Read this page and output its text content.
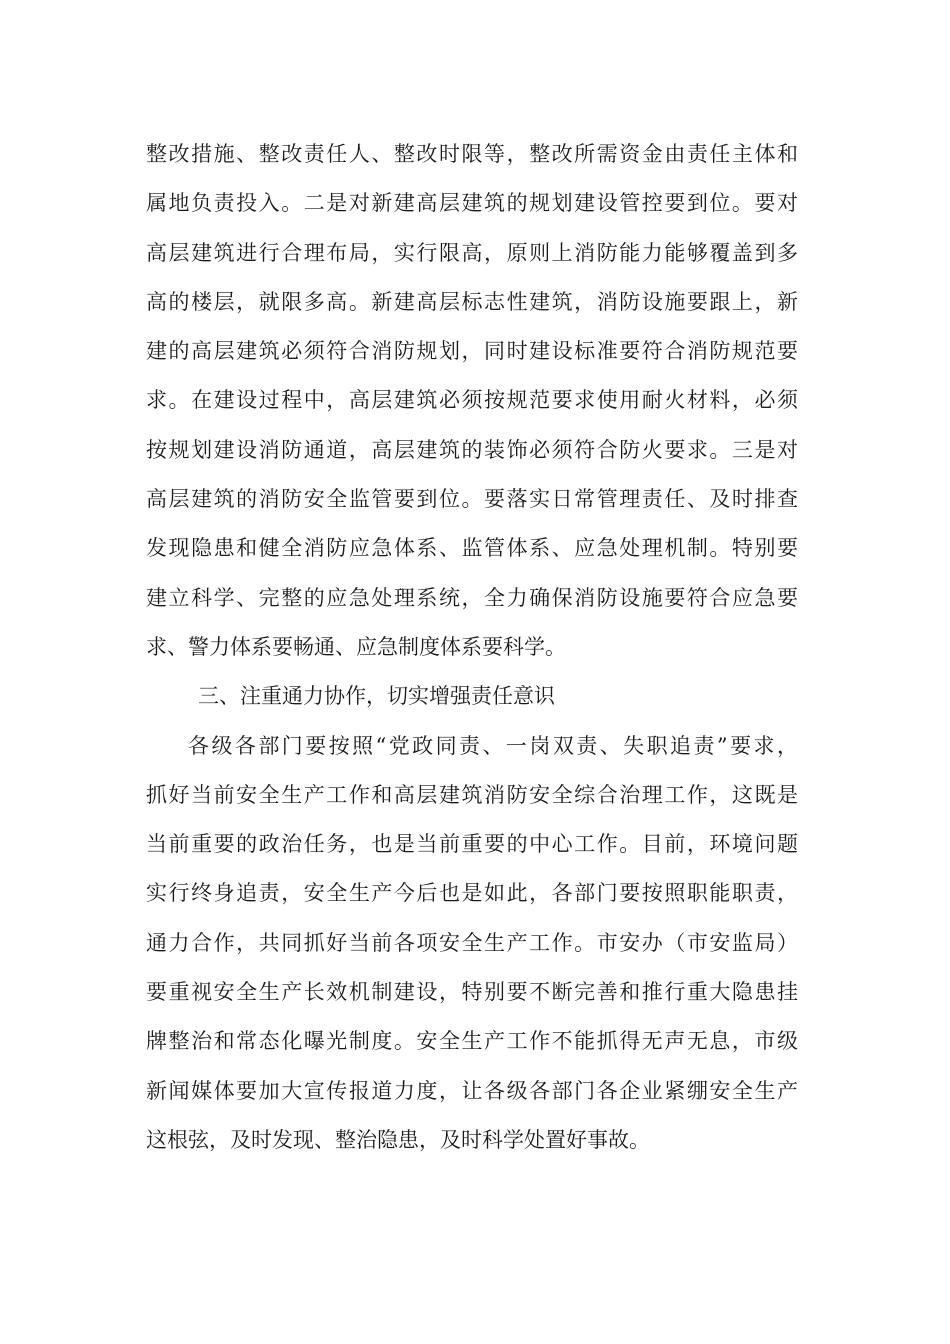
整改措施、整改责任人、整改时限等，整改所需资金由责任主体和
属地负责投入。二是对新建高层建筑的规划建设管控要到位。要对
高层建筑进行合理布局，实行限高，原则上消防能力能够覆盖到多
高的楼层，就限多高。新建高层标志性建筑，消防设施要跟上，新
建的高层建筑必须符合消防规划，同时建设标准要符合消防规范要
求。在建设过程中，高层建筑必须按规范要求使用耐火材料，必须
按规划建设消防通道，高层建筑的装饰必须符合防火要求。三是对
高层建筑的消防安全监管要到位。要落实日常管理责任、及时排查
发现隐患和健全消防应急体系、监管体系、应急处理机制。特别要
建立科学、完整的应急处理系统，全力确保消防设施要符合应急要
求、警力体系要畅通、应急制度体系要科学。
三、注重通力协作，切实增强责任意识
各级各部门要按照“党政同责、一岗双责、失职追责”要求，
抓好当前安全生产工作和高层建筑消防安全综合治理工作，这既是
当前重要的政治任务，也是当前重要的中心工作。目前，环境问题
实行终身追责，安全生产今后也是如此，各部门要按照职能职责，
通力合作，共同抓好当前各项安全生产工作。市安办（市安监局）
要重视安全生产长效机制建设，特别要不断完善和推行重大隐患挂
牌整治和常态化曝光制度。安全生产工作不能抓得无声无息，市级
新闻媒体要加大宣传报道力度，让各级各部门各企业紧绷安全生产
这根弦，及时发现、整治隐患，及时科学处置好事故。
